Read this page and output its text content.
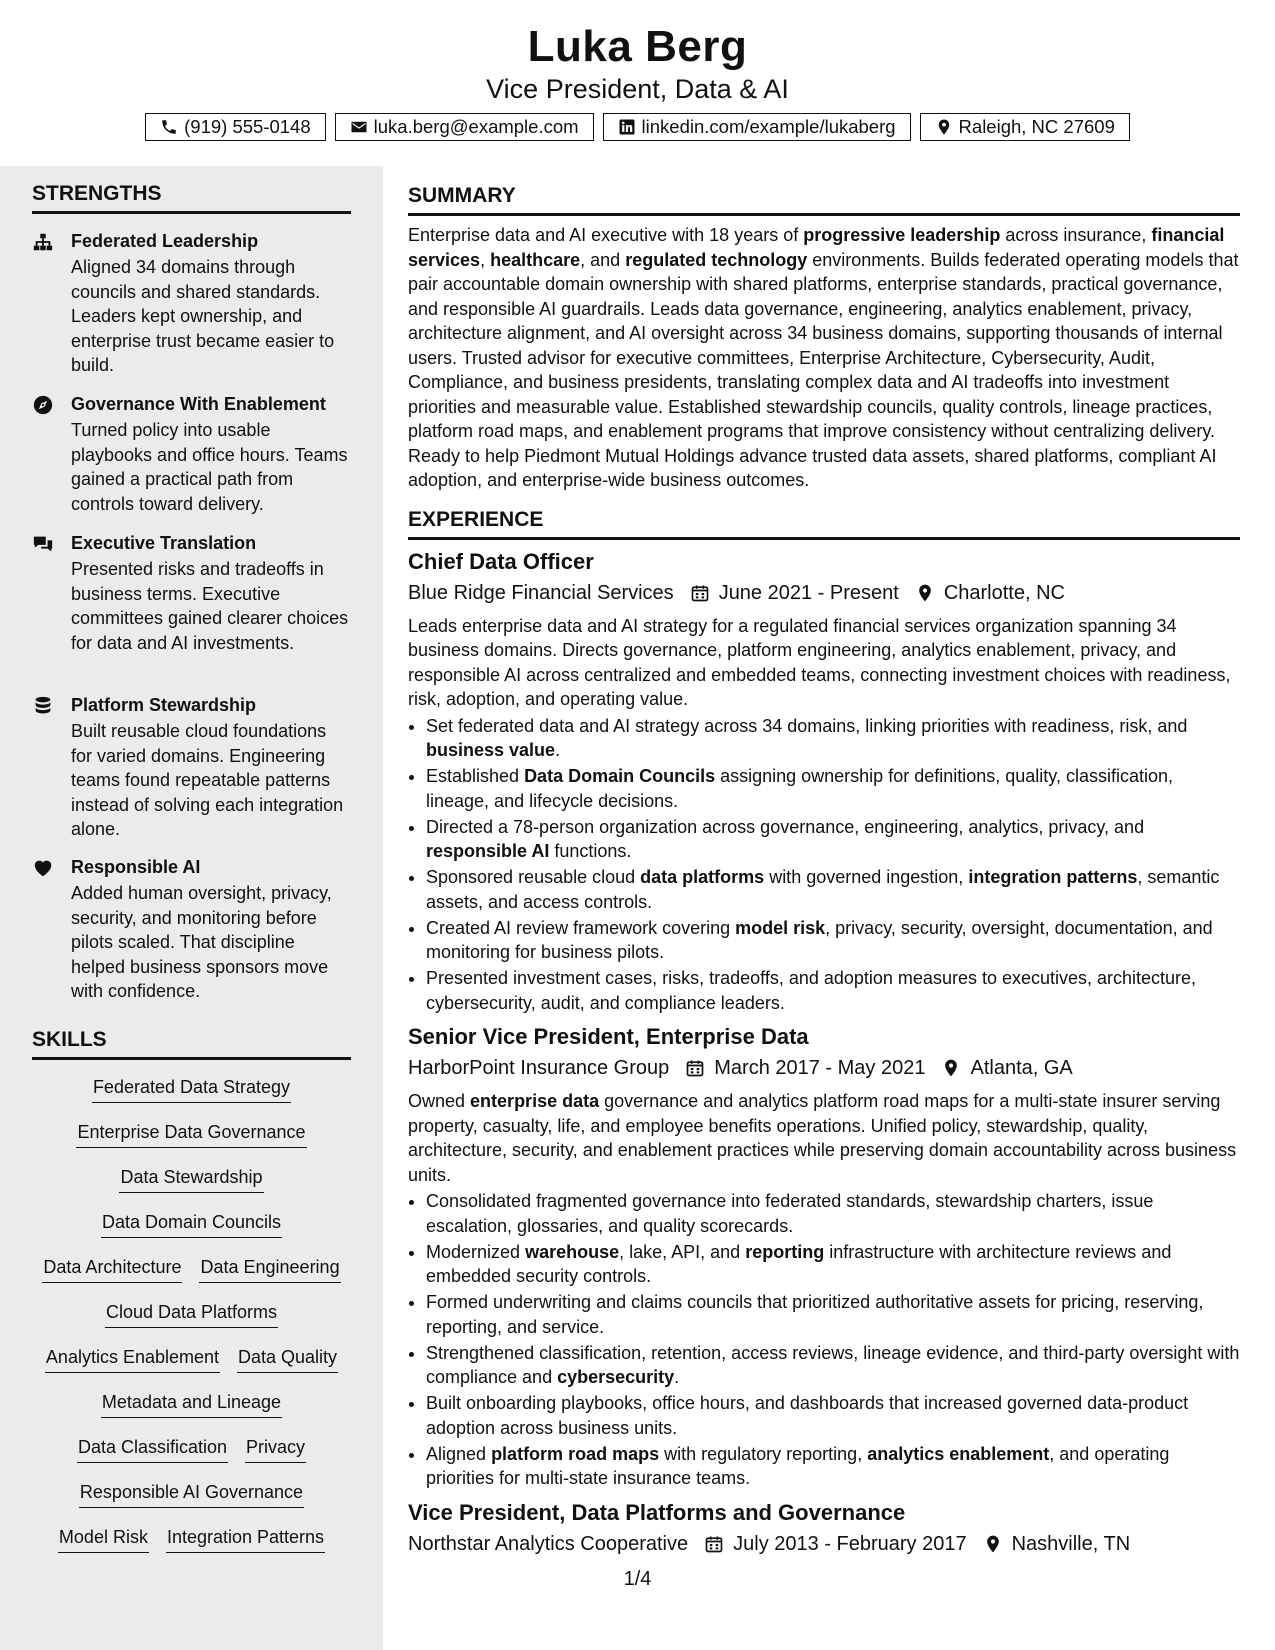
Luka Berg
Vice President, Data & AI
(919) 555-0148	luka.berg@example.com	linkedin.com/example/lukaberg	Raleigh, NC 27609
STRENGTHS
Federated Leadership
Aligned 34 domains through councils and shared standards. Leaders kept ownership, and enterprise trust became easier to build.
Governance With Enablement
Turned policy into usable playbooks and office hours. Teams gained a practical path from controls toward delivery.
Executive Translation
Presented risks and tradeoffs in business terms. Executive committees gained clearer choices for data and AI investments.
Platform Stewardship
Built reusable cloud foundations for varied domains. Engineering teams found repeatable patterns instead of solving each integration alone.
Responsible AI
Added human oversight, privacy, security, and monitoring before pilots scaled. That discipline helped business sponsors move with confidence.
SKILLS
Federated Data Strategy
Enterprise Data Governance
Data Stewardship
Data Domain Councils
Data Architecture Data Engineering
Cloud Data Platforms
Analytics Enablement Data Quality
Metadata and Lineage
Data Classification Privacy
Responsible AI Governance
Model Risk Integration Patterns
SUMMARY
Enterprise data and AI executive with 18 years of progressive leadership across insurance, financial services, healthcare, and regulated technology environments. Builds federated operating models that pair accountable domain ownership with shared platforms, enterprise standards, practical governance, and responsible AI guardrails. Leads data governance, engineering, analytics enablement, privacy, architecture alignment, and AI oversight across 34 business domains, supporting thousands of internal users. Trusted advisor for executive committees, Enterprise Architecture, Cybersecurity, Audit, Compliance, and business presidents, translating complex data and AI tradeoffs into investment priorities and measurable value. Established stewardship councils, quality controls, lineage practices, platform road maps, and enablement programs that improve consistency without centralizing delivery. Ready to help Piedmont Mutual Holdings advance trusted data assets, shared platforms, compliant AI adoption, and enterprise-wide business outcomes.
EXPERIENCE
Chief Data Officer
Blue Ridge Financial Services June 2021 - Present Charlotte, NC
Leads enterprise data and AI strategy for a regulated financial services organization spanning 34 business domains. Directs governance, platform engineering, analytics enablement, privacy, and responsible AI across centralized and embedded teams, connecting investment choices with readiness, risk, adoption, and operating value.
• Set federated data and AI strategy across 34 domains, linking priorities with readiness, risk, and business value.
• Established Data Domain Councils assigning ownership for definitions, quality, classification, lineage, and lifecycle decisions.
• Directed a 78-person organization across governance, engineering, analytics, privacy, and responsible AI functions.
• Sponsored reusable cloud data platforms with governed ingestion, integration patterns, semantic assets, and access controls.
• Created AI review framework covering model risk, privacy, security, oversight, documentation, and monitoring for business pilots.
• Presented investment cases, risks, tradeoffs, and adoption measures to executives, architecture, cybersecurity, audit, and compliance leaders.
Senior Vice President, Enterprise Data
HarborPoint Insurance Group March 2017 - May 2021 Atlanta, GA
Owned enterprise data governance and analytics platform road maps for a multi-state insurer serving property, casualty, life, and employee benefits operations. Unified policy, stewardship, quality, architecture, security, and enablement practices while preserving domain accountability across business units.
• Consolidated fragmented governance into federated standards, stewardship charters, issue escalation, glossaries, and quality scorecards.
• Modernized warehouse, lake, API, and reporting infrastructure with architecture reviews and embedded security controls.
• Formed underwriting and claims councils that prioritized authoritative assets for pricing, reserving, reporting, and service.
• Strengthened classification, retention, access reviews, lineage evidence, and third-party oversight with compliance and cybersecurity.
• Built onboarding playbooks, office hours, and dashboards that increased governed data-product adoption across business units.
• Aligned platform road maps with regulatory reporting, analytics enablement, and operating priorities for multi-state insurance teams.
Vice President, Data Platforms and Governance
Northstar Analytics Cooperative July 2013 - February 2017 Nashville, TN
1/4
